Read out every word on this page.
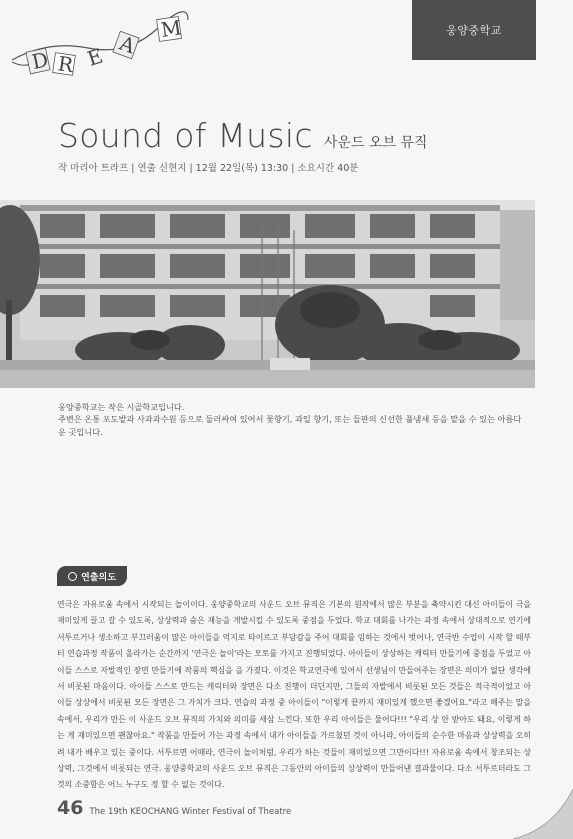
D R E A
M	웅양중학교
Sound of Music 사운드 오브 뮤직
작 마리아 트라프 | 연출 신현지 | 12월 22일(목) 13:30 | 소요시간 40분

웅양중학교는 작은 시골학교입니다.

주변은 온통 포도밭과 사과과수원 등으로 둘러싸여 있어서 꽃향기, 과일 향기, 또는 들판의 신선한 풀냄새 등을 맡을 수 있는 아름다운 곳입니다.

연출의도

연극은 자유로움 속에서 시작되는 놀이이다. 웅양중학교의 사운드 오브 뮤직은 기본의 원작에서 많은 부분을 축약시킨 대신 아이들이 극을 재미있게 끌고 갈 수 있도록, 상상력과 숨은 재능을 개발시킬 수 있도록 중점을 두었다. 학교 대회를 나가는 과정 속에서 상대적으로 연기에 서투르거나 생소하고 부끄러움이 많은 아이들을 억지로 타이르고 부담감을 주어 대회를 임하는 것에서 벗어나, 연극반 수업이 시작 할 때부터 연습과정 작품이 올라가는 순간까지 '연극은 놀이'라는 모토를 가지고 진행되었다. 아이들이 상상하는 캐릭터 만들기에 중점을 두었고 아이들 스스로 자발적인 장면 만들기에 작품의 핵심을 을 가졌다. 이것은 학교연극에 있어서 선생님이 만들어주는 장면은 의미가 없단 생각에서 비롯된 마음이다. 아이들 스스로 만드는 캐릭터와 장면은 다소 진행이 더딘지만, 그들의 자발에서 비롯된 모든 것들은 적극적이었고 아이들 상상에서 비롯된 모든 장면은 그 가치가 크다. 연습의 과정 중 아이들이 "이렇게 끝까지 재미있게 했으면 좋겠어요."라고 해주는 말을 속에서, 우리가 만든 이 사운드 오브 뮤직의 가치와 의미를 새삼 느낀다. 또한 우리 아이들은 물어다!!! "우리 상 안 받아도 돼요, 이렇게 하는 게 재미있으면 괜찮아요." 작품을 만들어 가는 과정 속에서 내가 아이들을 가르쳤던 것이 아니라, 아이들의 순수한 마음과 상상력을 오히려 내가 배우고 있는 중이다. 서투르면 어때라, 연극이 놀이처럼, 우리가 하는 것들이 재미있으면 그만이다!!! 자유로움 속에서 창조되는 상상력, 그것에서 비롯되는 연극. 웅양중학교의 사운드 오브 뮤직은 그동안의 아이들의 상상력이 만들어낸 결과물이다. 다소 서투르더라도 그것의 소중함은 어느 누구도 정 할 수 없는 것이다.

46 The 19th KEOCHANG Winter Festival of Theatre
